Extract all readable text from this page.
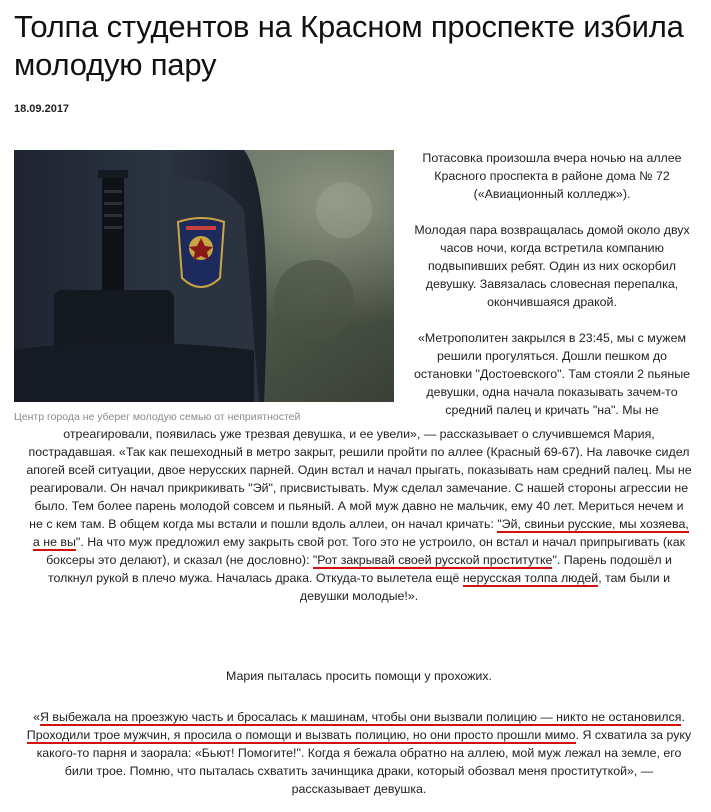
Толпа студентов на Красном проспекте избила молодую пару
18.09.2017
Центр города не уберег молодую семью от неприятностей

Потасовка произошла вчера ночью на аллее
Красного проспекта в районе дома № 72
(«Авиационный колледж»).

Молодая пара возвращалась домой около двух
часов ночи, когда встретила компанию
подвыпивших ребят. Один из них оскорбил
девушку. Завязалась словесная перепалка,
окончившаяся дракой.

«Метрополитен закрылся в 23:45, мы с мужем
решили прогуляться. Дошли пешком до
остановки "Достоевского". Там стояли 2 пьяные
девушки, одна начала показывать зачем-то
средний палец и кричать "на". Мы не

отреагировали, появилась уже трезвая девушка, и ее увели», — рассказывает о случившемся Мария,
пострадавшая. «Так как пешеходный в метро закрыт, решили пройти по аллее (Красный 69-67). На лавочке сидел
апогей всей ситуации, двое нерусских парней. Один встал и начал прыгать, показывать нам средний палец. Мы не
реагировали. Он начал прикрикивать "Эй", присвистывать. Муж сделал замечание. С нашей стороны агрессии не
было. Тем более парень молодой совсем и пьяный. А мой муж давно не мальчик, ему 40 лет. Мериться нечем и
не с кем там. В общем когда мы встали и пошли вдоль аллеи, он начал кричать: "Эй, свиньи русские, мы хозяева,
а не вы". На что муж предложил ему закрыть свой рот. Того это не устроило, он встал и начал припрыгивать (как
боксеры это делают), и сказал (не дословно): "Рот закрывай своей русской проститутке". Парень подошёл и
толкнул рукой в плечо мужа. Началась драка. Откуда-то вылетела ещё нерусская толпа людей, там были и
девушки молодые!».

Мария пыталась просить помощи у прохожих.

«Я выбежала на проезжую часть и бросалась к машинам, чтобы они вызвали полицию — никто не остановился.
Проходили трое мужчин, я просила о помощи и вызвать полицию, но они просто прошли мимо. Я схватила за руку
какого-то парня и заорала: «Бьют! Помогите!". Когда я бежала обратно на аллею, мой муж лежал на земле, его
били трое. Помню, что пыталась схватить зачинщика драки, который обозвал меня проституткой», —
рассказывает девушка.
